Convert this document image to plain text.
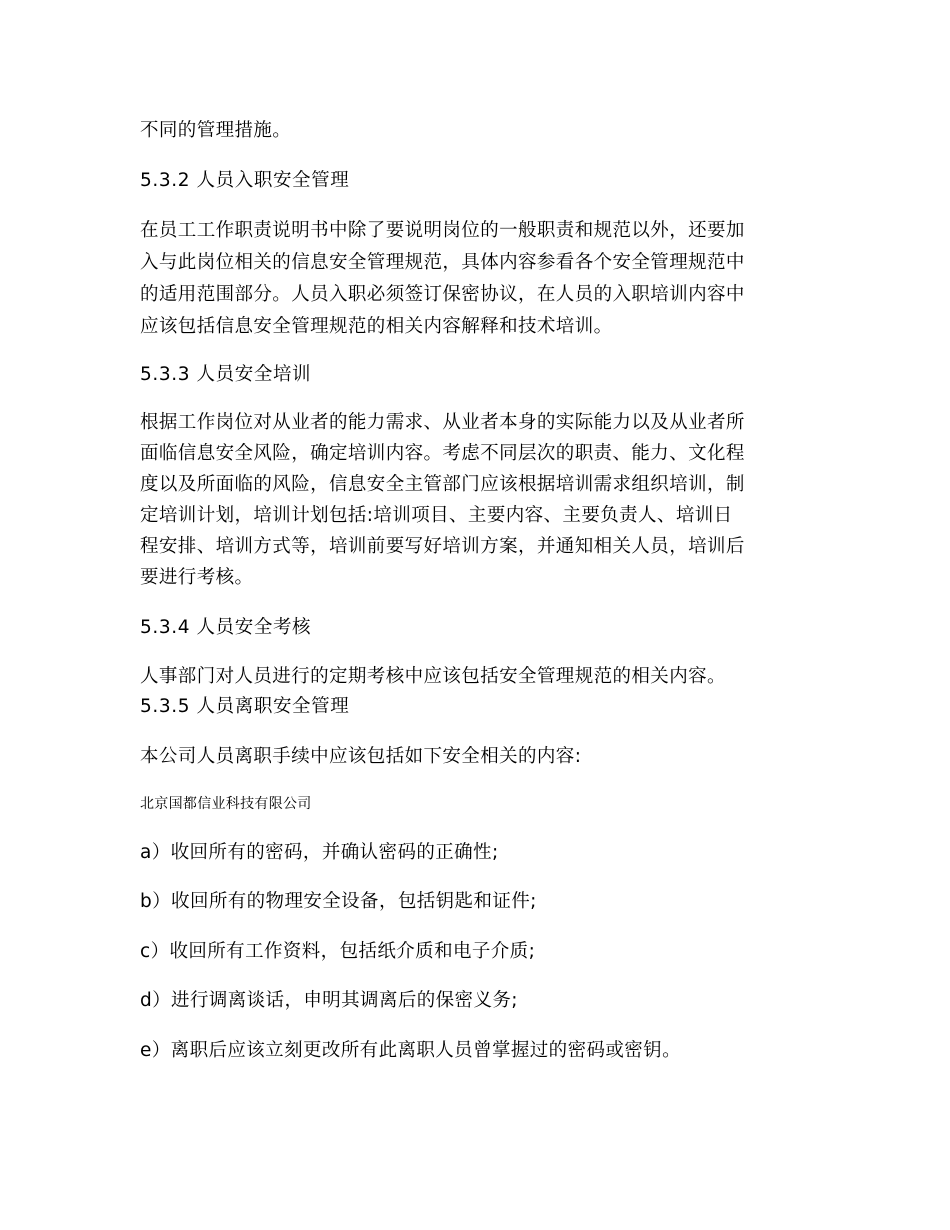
不同的管理措施。
5.3.2 人员入职安全管理
在员工工作职责说明书中除了要说明岗位的一般职责和规范以外，还要加
入与此岗位相关的信息安全管理规范，具体内容参看各个安全管理规范中
的适用范围部分。人员入职必须签订保密协议，在人员的入职培训内容中
应该包括信息安全管理规范的相关内容解释和技术培训。
5.3.3 人员安全培训
根据工作岗位对从业者的能力需求、从业者本身的实际能力以及从业者所
面临信息安全风险，确定培训内容。考虑不同层次的职责、能力、文化程
度以及所面临的风险，信息安全主管部门应该根据培训需求组织培训，制
定培训计划，培训计划包括:培训项目、主要内容、主要负责人、培训日
程安排、培训方式等，培训前要写好培训方案，并通知相关人员，培训后
要进行考核。
5.3.4 人员安全考核
人事部门对人员进行的定期考核中应该包括安全管理规范的相关内容。
5.3.5 人员离职安全管理
本公司人员离职手续中应该包括如下安全相关的内容:
北京国都信业科技有限公司
a）收回所有的密码，并确认密码的正确性;
b）收回所有的物理安全设备，包括钥匙和证件;
c）收回所有工作资料，包括纸介质和电子介质;
d）进行调离谈话，申明其调离后的保密义务;
e）离职后应该立刻更改所有此离职人员曾掌握过的密码或密钥。
